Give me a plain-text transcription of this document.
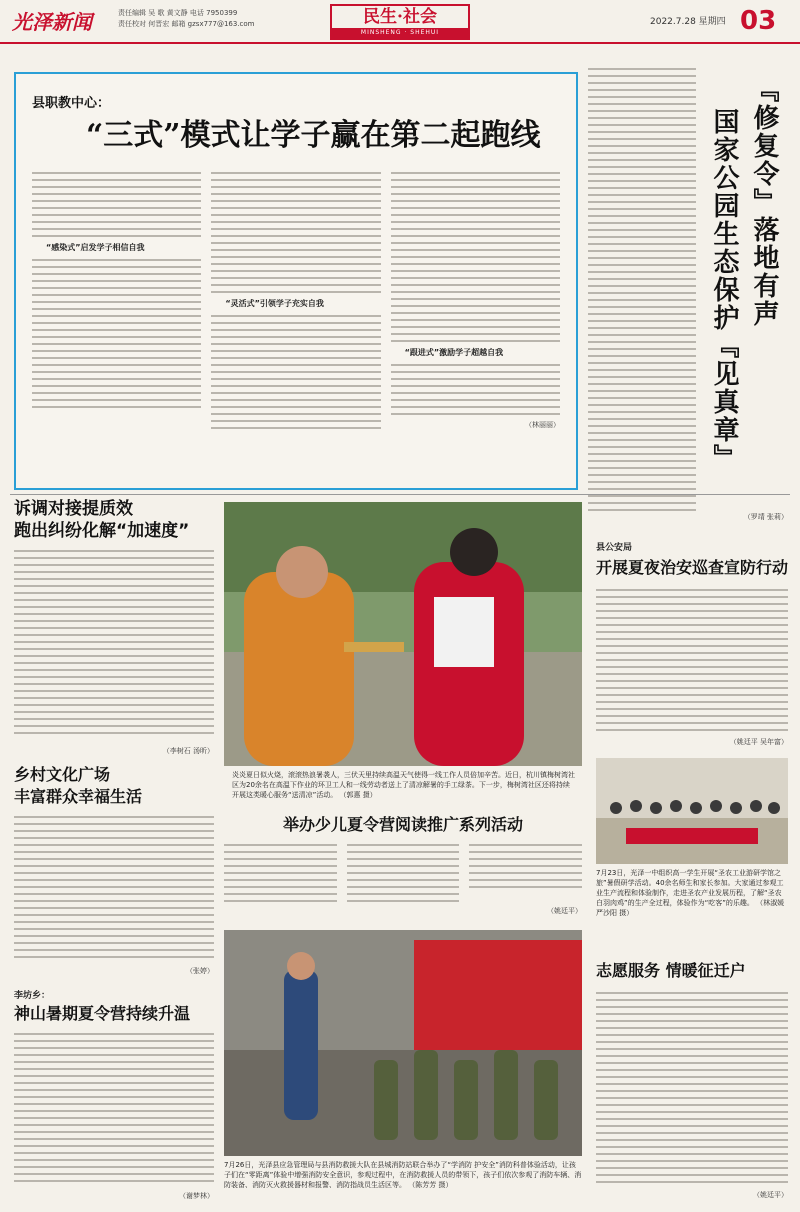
光泽新闻	责任编辑 吴 歌 黄文静 电话 7950399
责任校对 何晋宏 邮箱 gzsx777@163.com	民生·社会
MINSHENG · SHEHUI
2022.7.28 星期四 03
县职教中心：
“三式”模式让学子赢在第二起跑线
“感染式”启发学子相信自我
“灵活式”引领学子充实自我
“跟进式”激励学子超越自我
（林丽丽）
『修复令』落地有声
国家公园生态保护『见真章』
（罗靖 张莉）
诉调对接提质效
跑出纠纷化解“加速度”
（李树石 汤昕）
炎炎夏日似火烧，滚滚热浪暑袭人，三伏天里持续高温天气使得一线工作人员倍加辛苦。近日，杭川镇梅树湾社区为20余名在高温下作业的环卫工人和一线劳动者送上了清凉解暑的手工绿茶。下一步，梅树湾社区还将持续开展这类暖心服务“送清凉”活动。 （郭惠 摄）
县公安局
开展夏夜治安巡查宣防行动
（姚廷平 吴年富）
乡村文化广场
丰富群众幸福生活
（张婷）
7月23日，光泽一中组织高一学生开展“圣农工业游研学馆之旅”暑假研学活动。40余名师生和家长参加。大家通过参观工业生产流程和体验制作，走进圣农产业发展历程，了解“圣农白羽肉鸡”的生产全过程，体验作为“吃客”的乐趣。 （林淑媛 严沙阳 摄）
举办少儿夏令营阅读推广系列活动
（姚廷平）
7月26日，光泽县应急管理局与县消防救援大队在县城消防站联合举办了“学消防 护安全”消防科普体验活动，让孩子们在“零距离”体验中增强消防安全意识，参观过程中，在消防救援人员的带领下，孩子们依次参观了消防车辆、消防装备、消防灭火救援器材和报警、消防指战员生活区等。 （陈芳芳 摄）
李坊乡：
神山暑期夏令营持续升温
（谢梦林）
志愿服务 情暖征迁户
（姚廷平）
